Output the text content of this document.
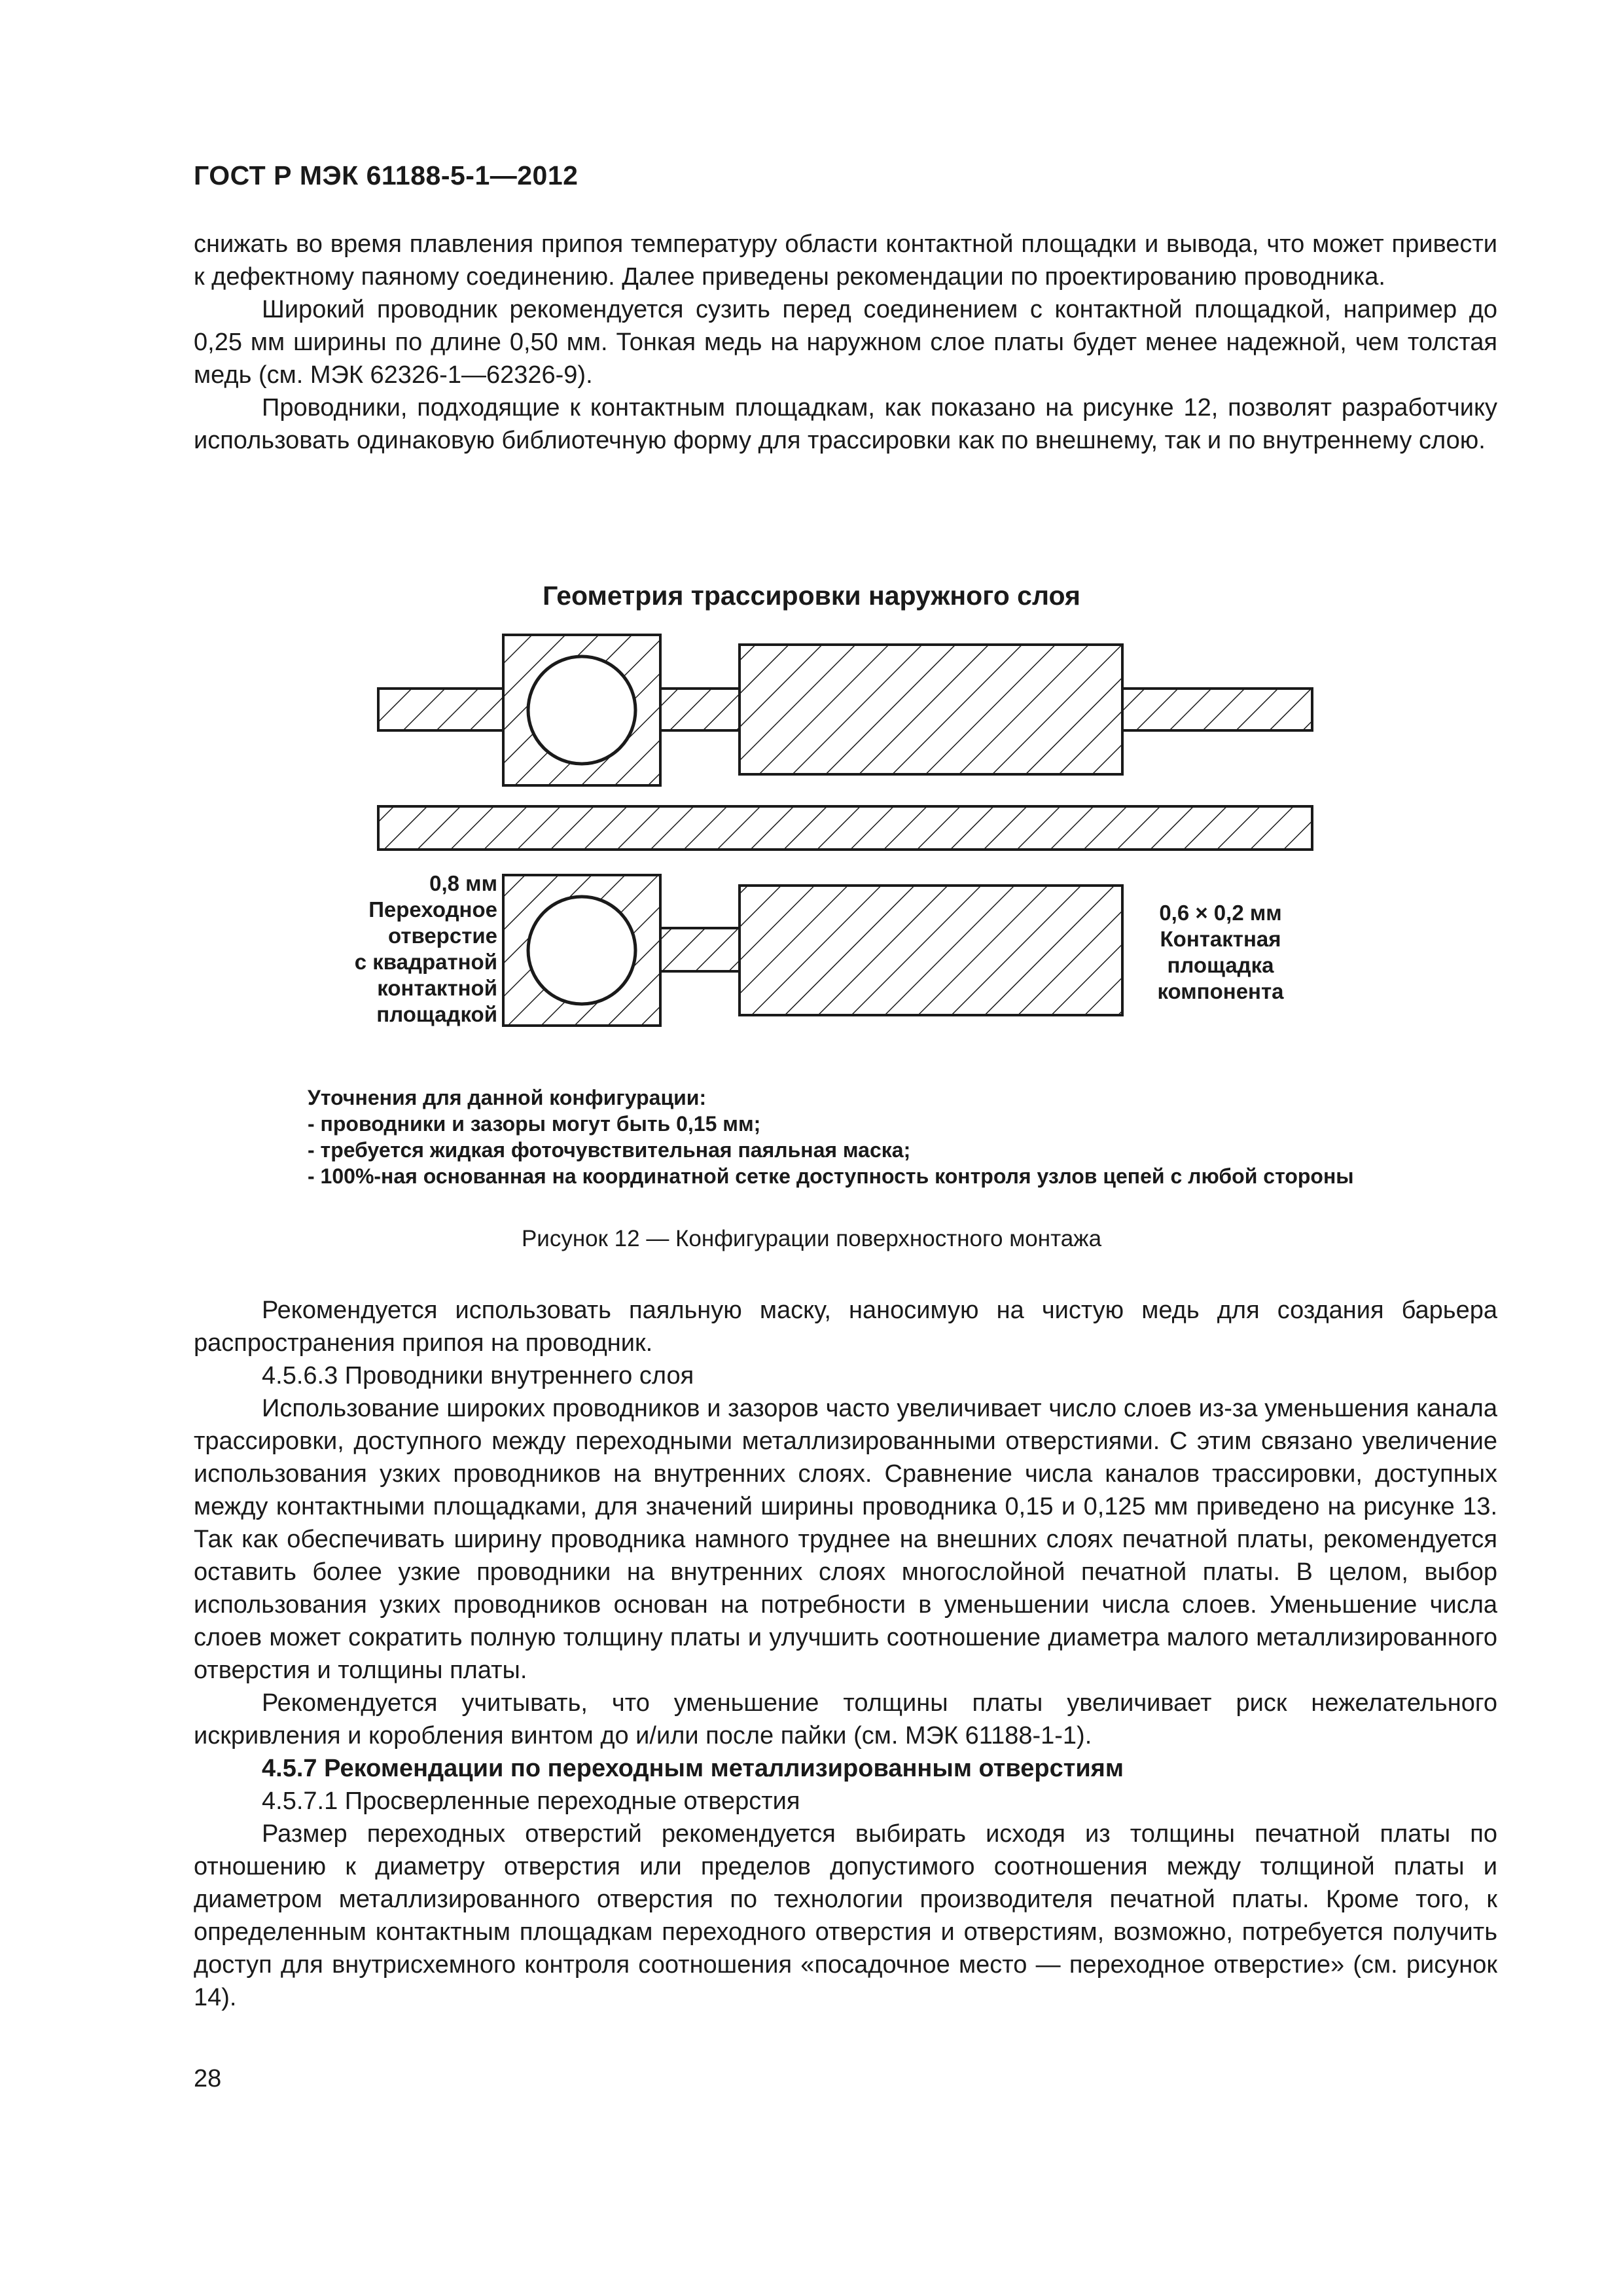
ГОСТ Р МЭК 61188-5-1—2012

снижать во время плавления припоя температуру области контактной площадки и вывода, что может привести к дефектному паяному соединению. Далее приведены рекомендации по проектированию проводника.

Широкий проводник рекомендуется сузить перед соединением с контактной площадкой, например до 0,25 мм ширины по длине 0,50 мм. Тонкая медь на наружном слое платы будет менее надежной, чем толстая медь (см. МЭК 62326-1—62326-9).

Проводники, подходящие к контактным площадкам, как показано на рисунке 12, позволят разработчику использовать одинаковую библиотечную форму для трассировки как по внешнему, так и по внутреннему слою.

Геометрия трассировки наружного слоя
0,8 мм
Переходное
отверстие
с квадратной
контактной
площадкой
0,6 × 0,2 мм
Контактная
площадка
компонента
Уточнения для данной конфигурации:
- проводники и зазоры могут быть 0,15 мм;
- требуется жидкая фоточувствительная паяльная маска;
- 100%-ная основанная на координатной сетке доступность контроля узлов цепей с любой стороны
Рисунок 12 — Конфигурации поверхностного монтажа

Рекомендуется использовать паяльную маску, наносимую на чистую медь для создания барьера распространения припоя на проводник.

4.5.6.3 Проводники внутреннего слоя

Использование широких проводников и зазоров часто увеличивает число слоев из-за уменьшения канала трассировки, доступного между переходными металлизированными отверстиями. С этим связано увеличение использования узких проводников на внутренних слоях. Сравнение числа каналов трассировки, доступных между контактными площадками, для значений ширины проводника 0,15 и 0,125 мм приведено на рисунке 13. Так как обеспечивать ширину проводника намного труднее на внешних слоях печатной платы, рекомендуется оставить более узкие проводники на внутренних слоях многослойной печатной платы. В целом, выбор использования узких проводников основан на потребности в уменьшении числа слоев. Уменьшение числа слоев может сократить полную толщину платы и улучшить соотношение диаметра малого металлизированного отверстия и толщины платы.

Рекомендуется учитывать, что уменьшение толщины платы увеличивает риск нежелательного искривления и коробления винтом до и/или после пайки (см. МЭК 61188-1-1).

4.5.7 Рекомендации по переходным металлизированным отверстиям

4.5.7.1 Просверленные переходные отверстия

Размер переходных отверстий рекомендуется выбирать исходя из толщины печатной платы по отношению к диаметру отверстия или пределов допустимого соотношения между толщиной платы и диаметром металлизированного отверстия по технологии производителя печатной платы. Кроме того, к определенным контактным площадкам переходного отверстия и отверстиям, возможно, потребуется получить доступ для внутрисхемного контроля соотношения «посадочное место — переходное отверстие» (см. рисунок 14).

28
